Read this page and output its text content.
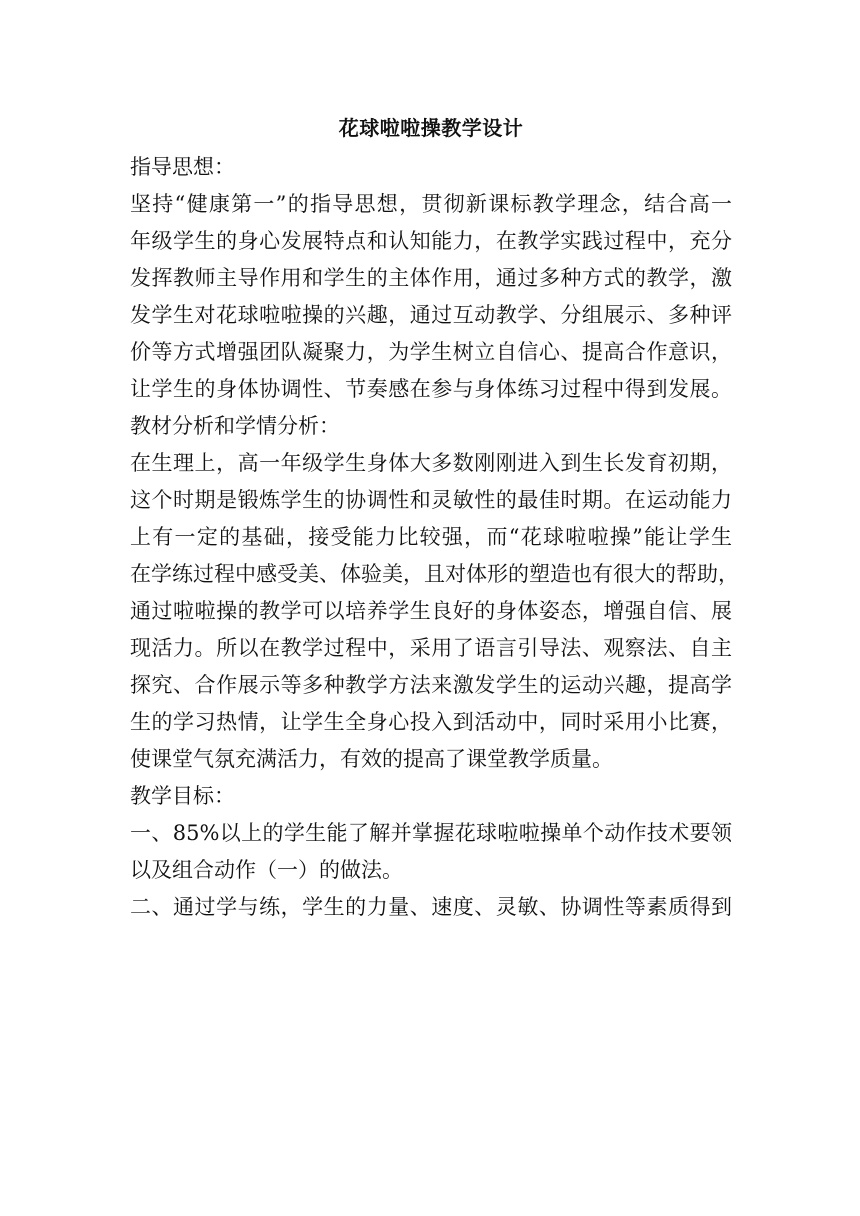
花球啦啦操教学设计
指导思想：
坚持“健康第一”的指导思想，贯彻新课标教学理念，结合高一
年级学生的身心发展特点和认知能力，在教学实践过程中，充分
发挥教师主导作用和学生的主体作用，通过多种方式的教学，激
发学生对花球啦啦操的兴趣，通过互动教学、分组展示、多种评
价等方式增强团队凝聚力，为学生树立自信心、提高合作意识，
让学生的身体协调性、节奏感在参与身体练习过程中得到发展。
教材分析和学情分析：
在生理上，高一年级学生身体大多数刚刚进入到生长发育初期，
这个时期是锻炼学生的协调性和灵敏性的最佳时期。在运动能力
上有一定的基础，接受能力比较强，而“花球啦啦操”能让学生
在学练过程中感受美、体验美，且对体形的塑造也有很大的帮助，
通过啦啦操的教学可以培养学生良好的身体姿态，增强自信、展
现活力。所以在教学过程中，采用了语言引导法、观察法、自主
探究、合作展示等多种教学方法来激发学生的运动兴趣，提高学
生的学习热情，让学生全身心投入到活动中，同时采用小比赛，
使课堂气氛充满活力，有效的提高了课堂教学质量。
教学目标：
一、85%以上的学生能了解并掌握花球啦啦操单个动作技术要领
以及组合动作（一）的做法。
二、通过学与练，学生的力量、速度、灵敏、协调性等素质得到
